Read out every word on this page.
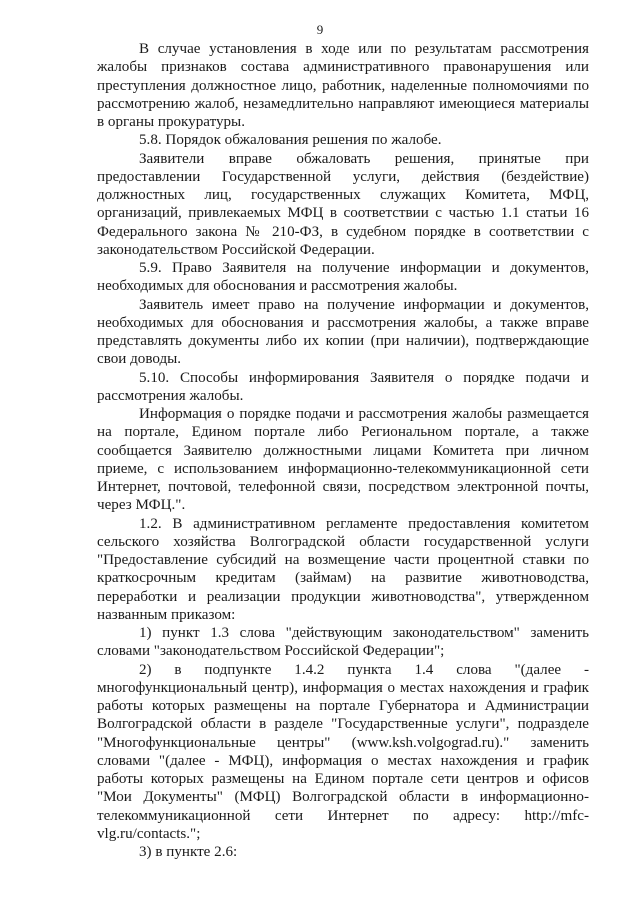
9

В случае установления в ходе или по результатам рассмотрения жалобы признаков состава административного правонарушения или преступления должностное лицо, работник, наделенные полномочиями по рассмотрению жалоб, незамедлительно направляют имеющиеся материалы в органы прокуратуры.

5.8. Порядок обжалования решения по жалобе.

Заявители вправе обжаловать решения, принятые при предоставлении Государственной услуги, действия (бездействие) должностных лиц, государственных служащих Комитета, МФЦ, организаций, привлекаемых МФЦ в соответствии с частью 1.1 статьи 16 Федерального закона № 210-ФЗ, в судебном порядке в соответствии с законодательством Российской Федерации.

5.9. Право Заявителя на получение информации и документов, необходимых для обоснования и рассмотрения жалобы.

Заявитель имеет право на получение информации и документов, необходимых для обоснования и рассмотрения жалобы, а также вправе представлять документы либо их копии (при наличии), подтверждающие свои доводы.

5.10. Способы информирования Заявителя о порядке подачи и рассмотрения жалобы.

Информация о порядке подачи и рассмотрения жалобы размещается на портале, Едином портале либо Региональном портале, а также сообщается Заявителю должностными лицами Комитета при личном приеме, с использованием информационно-телекоммуникационной сети Интернет, почтовой, телефонной связи, посредством электронной почты, через МФЦ.".

1.2. В административном регламенте предоставления комитетом сельского хозяйства Волгоградской области государственной услуги "Предоставление субсидий на возмещение части процентной ставки по краткосрочным кредитам (займам) на развитие животноводства, переработки и реализации продукции животноводства", утвержденном названным приказом:

1) пункт 1.3 слова "действующим законодательством" заменить словами "законодательством Российской Федерации";

2) в подпункте 1.4.2 пункта 1.4 слова "(далее - многофункциональный центр), информация о местах нахождения и график работы которых размещены на портале Губернатора и Администрации Волгоградской области в разделе "Государственные услуги", подразделе "Многофункциональные центры" (www.ksh.volgograd.ru)." заменить словами "(далее - МФЦ), информация о местах нахождения и график работы которых размещены на Едином портале сети центров и офисов "Мои Документы" (МФЦ) Волгоградской области в информационно-телекоммуникационной сети Интернет по адресу: http://mfc-vlg.ru/contacts.";

3) в пункте 2.6:
